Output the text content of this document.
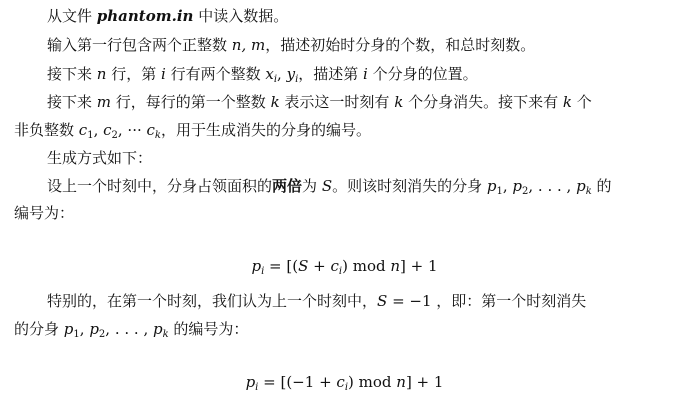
从文件 phantom.in 中读入数据。
输入第一行包含两个正整数 n, m，描述初始时分身的个数，和总时刻数。
接下来 n 行，第 i 行有两个整数 $x_i$, $y_i$，描述第 i 个分身的位置。
接下来 m 行，每行的第一个整数 k 表示这一时刻有 k 个分身消失。接下来有 k 个
非负整数 $c_1$, $c_2$, ··· $c_k$，用于生成消失的分身的编号。
生成方式如下：
设上一个时刻中，分身占领面积的两倍为 S。则该时刻消失的分身 $p_1$, $p_2$, . . . , $p_k$ 的
编号为：
$p_i = [(S + c_i)$ mod n] + 1
特别的，在第一个时刻，我们认为上一个时刻中，S = −1 ，即：第一个时刻消失
的分身 $p_1$, $p_2$, . . . , $p_k$ 的编号为：
$p_i = [(-1 + c_i)$ mod n] + 1
